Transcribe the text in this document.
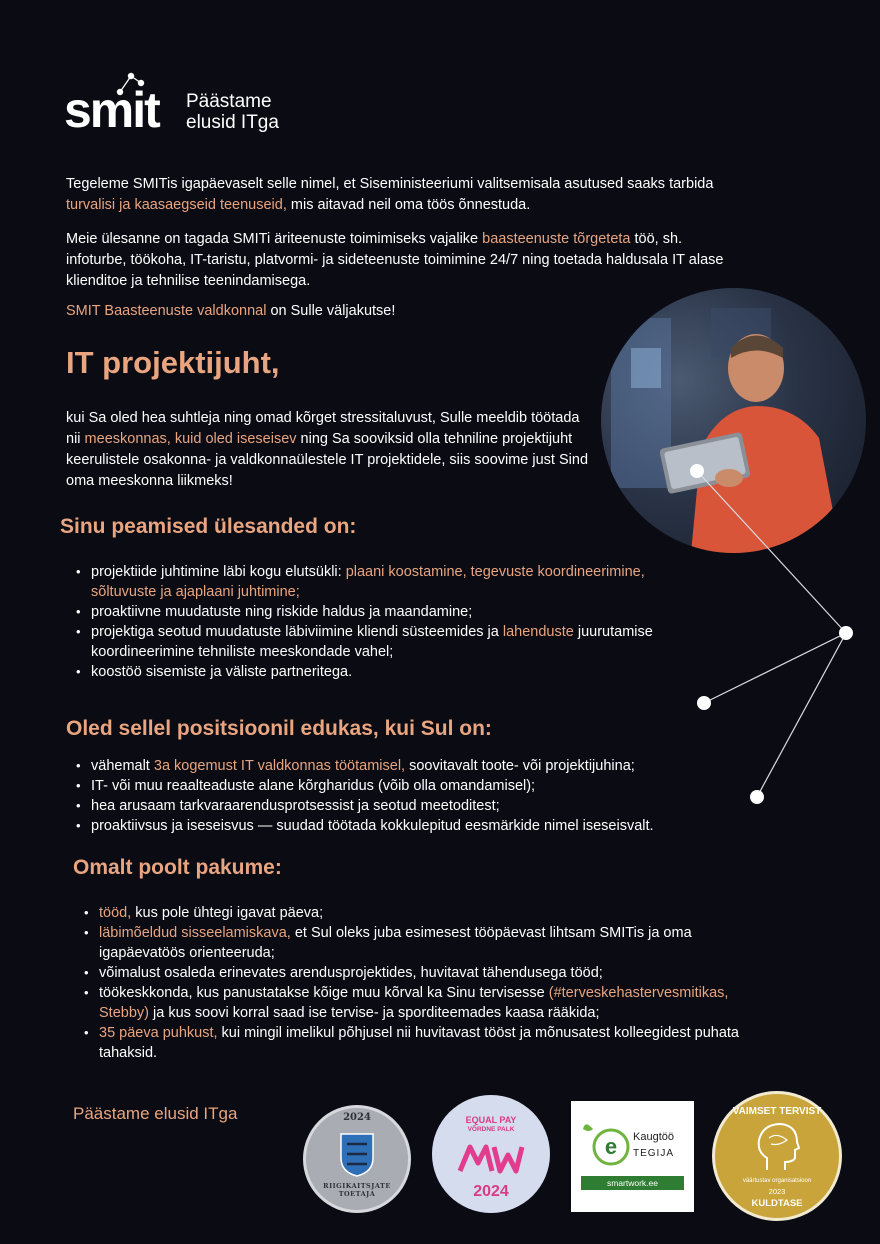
smit Päästame
elusid ITga

Tegeleme SMITis igapäevaselt selle nimel, et Siseministeeriumi valitsemisala asutused saaks tarbida turvalisi ja kaasaegseid teenuseid, mis aitavad neil oma töös õnnestuda.

Meie ülesanne on tagada SMITi äriteenuste toimimiseks vajalike baasteenuste tõrgeteta töö, sh. infoturbe, töökoha, IT-taristu, platvormi- ja sideteenuste toimimine 24/7 ning toetada haldusala IT alase klienditoe ja tehnilise teenindamisega.

SMIT Baasteenuste valdkonnal on Sulle väljakutse!

IT projektijuht,

kui Sa oled hea suhtleja ning omad kõrget stressitaluvust, Sulle meeldib töötada nii meeskonnas, kuid oled iseseisev ning Sa sooviksid olla tehniline projektijuht keerulistele osakonna- ja valdkonnaülestele IT projektidele, siis soovime just Sind oma meeskonna liikmeks!

Sinu peamised ülesanded on:
• projektiide juhtimine läbi kogu elutsükli: plaani koostamine, tegevuste koordineerimine, sõltuvuste ja ajaplaani juhtimine;
• proaktiivne muudatuste ning riskide haldus ja maandamine;
• projektiga seotud muudatuste läbiviimine kliendi süsteemides ja lahenduste juurutamise koordineerimine tehniliste meeskondade vahel;
• koostöö sisemiste ja väliste partneritega.
Oled sellel positsioonil edukas, kui Sul on:
• vähemalt 3a kogemust IT valdkonnas töötamisel, soovitavalt toote- või projektijuhina;
• IT- või muu reaalteaduste alane kõrgharidus (võib olla omandamisel);
• hea arusaam tarkvaraarendusprotsessist ja seotud meetoditest;
• proaktiivsus ja iseseisvus — suudad töötada kokkulepitud eesmärkide nimel iseseisvalt.
Omalt poolt pakume:
• tööd, kus pole ühtegi igavat päeva;
• läbimõeldud sisseelamiskava, et Sul oleks juba esimesest tööpäevast lihtsam SMITis ja oma igapäevatöös orienteeruda;
• võimalust osaleda erinevates arendusprojektides, huvitavat tähendusega tööd;
• töökeskkonda, kus panustatakse kõige muu kõrval ka Sinu tervisesse (#terveskehastervesmitikas, Stebby) ja kus soovi korral saad ise tervise- ja sporditeemades kaasa rääkida;
• 35 päeva puhkust, kui mingil imelikul põhjusel nii huvitavast tööst ja mõnusatest kolleegidest puhata tahaksid.
Päästame elusid ITga	2024
RIIGIKAITSJATE TOETAJA
EQUAL PAY
VÕRDNE PALK
2024
e Kaugtöö
TEGIJA
smartwork.ee
VAIMSET TERVIST
väärtustav organisatsioon
2023
KULDTASE
